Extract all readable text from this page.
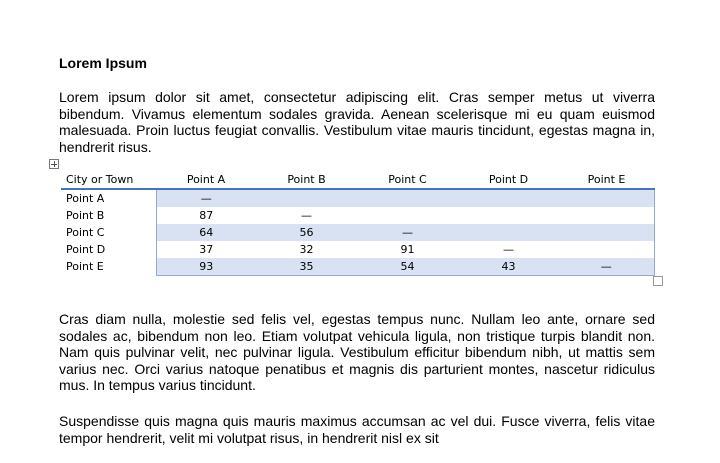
Lorem Ipsum
Lorem ipsum dolor sit amet, consectetur adipiscing elit. Cras semper metus ut viverra bibendum. Vivamus elementum sodales gravida. Aenean scelerisque mi eu quam euismod malesuada. Proin luctus feugiat convallis. Vestibulum vitae mauris tincidunt, egestas magna in, hendrerit risus.
Cras diam nulla, molestie sed felis vel, egestas tempus nunc. Nullam leo ante, ornare sed sodales ac, bibendum non leo. Etiam volutpat vehicula ligula, non tristique turpis blandit non. Nam quis pulvinar velit, nec pulvinar ligula. Vestibulum efficitur bibendum nibh, ut mattis sem varius nec. Orci varius natoque penatibus et magnis dis parturient montes, nascetur ridiculus mus. In tempus varius tincidunt.
Suspendisse quis magna quis mauris maximus accumsan ac vel dui. Fusce viverra, felis vitae tempor hendrerit, velit mi volutpat risus, in hendrerit nisl ex sit
City or Town	Point A	Point B	Point C	Point D	Point E
Point A	—				
Point B	87	—			
Point C	64	56	—		
Point D	37	32	91	—	
Point E	93	35	54	43	—
